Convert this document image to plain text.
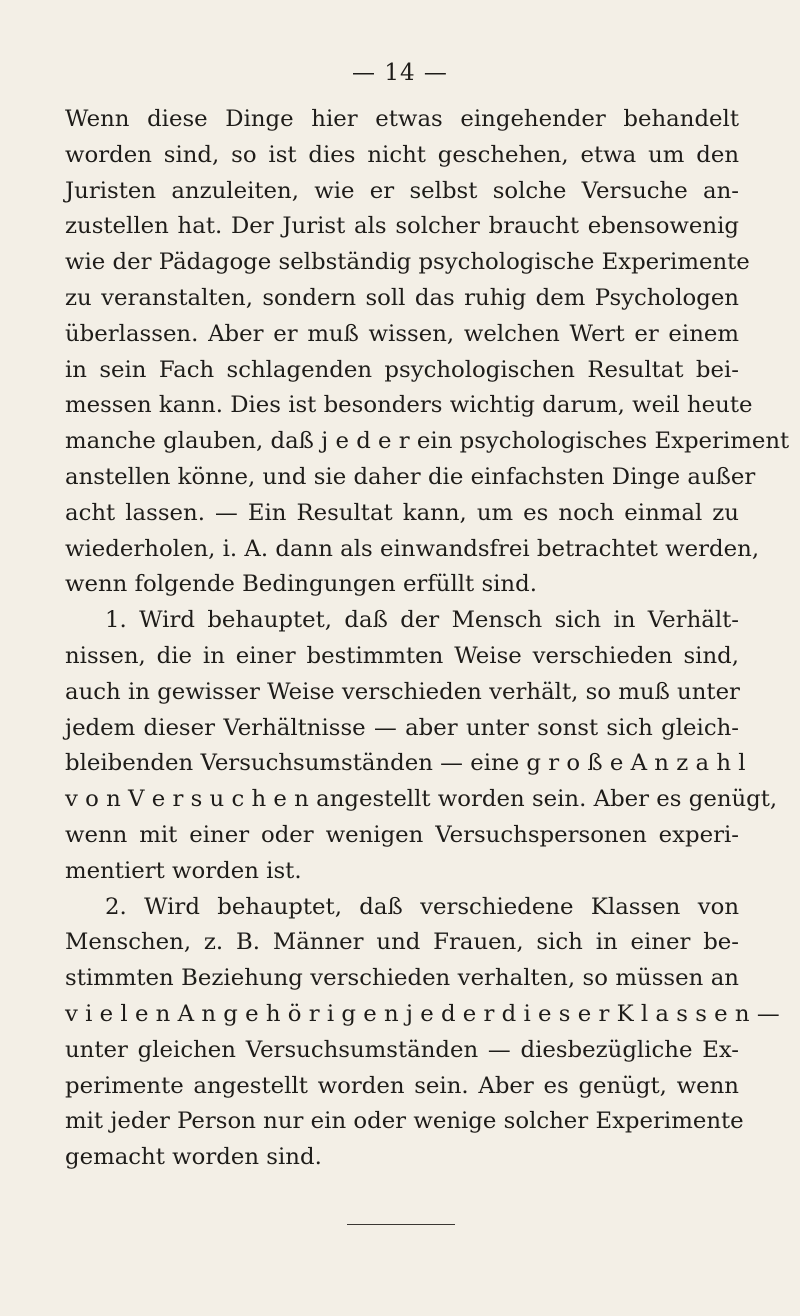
— 14 —
Wenn diese Dinge hier etwas eingehender behandelt
worden sind, so ist dies nicht geschehen, etwa um den
Juristen anzuleiten, wie er selbst solche Versuche an-
zustellen hat. Der Jurist als solcher braucht ebensowenig
wie der Pädagoge selbständig psychologische Experimente
zu veranstalten, sondern soll das ruhig dem Psychologen
überlassen. Aber er muß wissen, welchen Wert er einem
in sein Fach schlagenden psychologischen Resultat bei-
messen kann. Dies ist besonders wichtig darum, weil heute
manche glauben, daß j e d e r ein psychologisches Experiment
anstellen könne, und sie daher die einfachsten Dinge außer
acht lassen. — Ein Resultat kann, um es noch einmal zu
wiederholen, i. A. dann als einwandsfrei betrachtet werden,
wenn folgende Bedingungen erfüllt sind.
1. Wird behauptet, daß der Mensch sich in Verhält-
nissen, die in einer bestimmten Weise verschieden sind,
auch in gewisser Weise verschieden verhält, so muß unter
jedem dieser Verhältnisse — aber unter sonst sich gleich-
bleibenden Versuchsumständen — eine g r o ß e A n z a h l
v o n V e r s u c h e n angestellt worden sein. Aber es genügt,
wenn mit einer oder wenigen Versuchspersonen experi-
mentiert worden ist.
2. Wird behauptet, daß verschiedene Klassen von
Menschen, z. B. Männer und Frauen, sich in einer be-
stimmten Beziehung verschieden verhalten, so müssen an
v i e l e n A n g e h ö r i g e n j e d e r d i e s e r K l a s s e n —
unter gleichen Versuchsumständen — diesbezügliche Ex-
perimente angestellt worden sein. Aber es genügt, wenn
mit jeder Person nur ein oder wenige solcher Experimente
gemacht worden sind.
